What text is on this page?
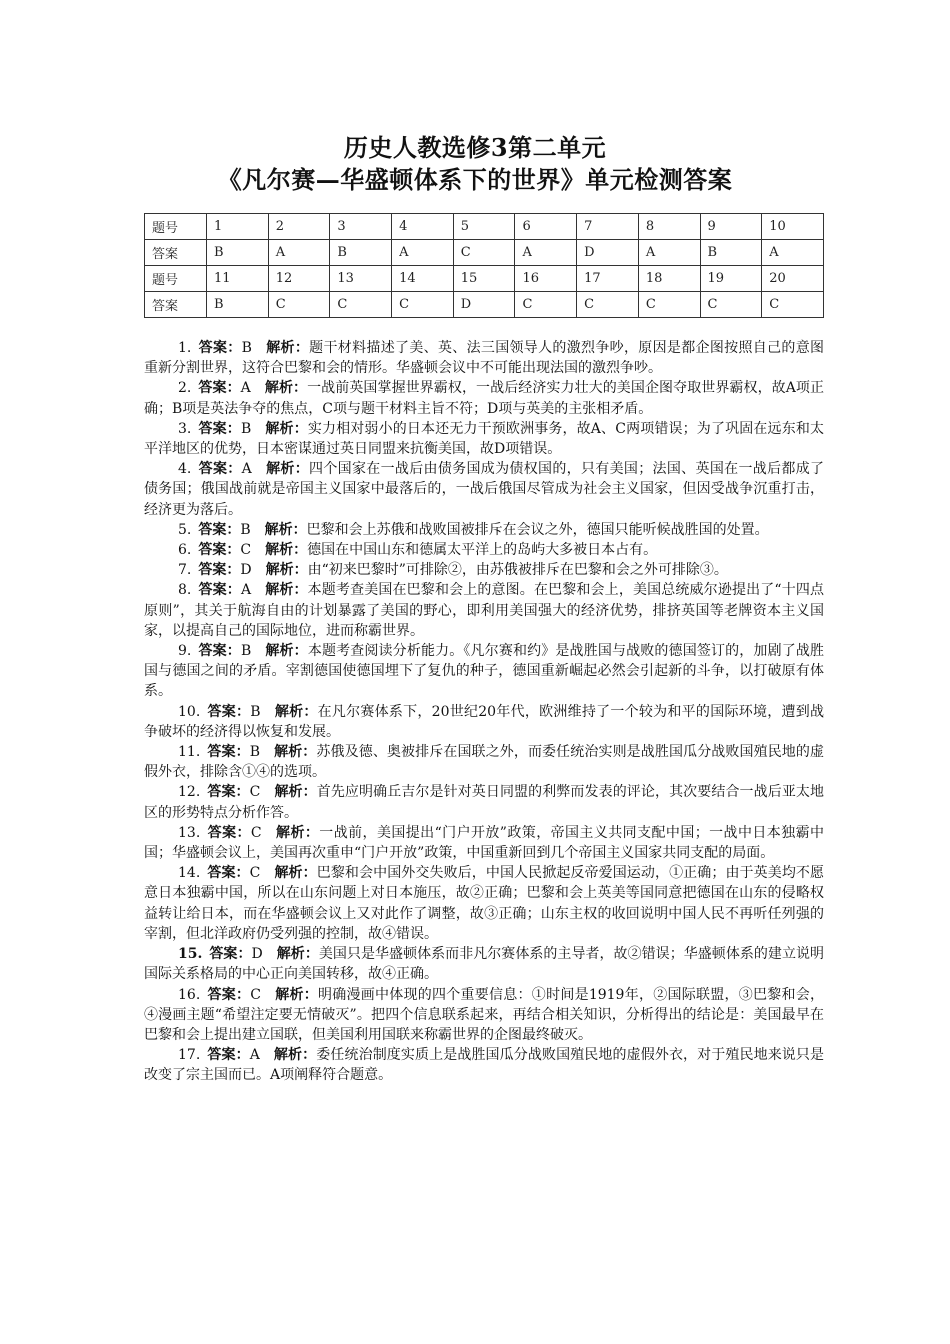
历史人教选修3第二单元
《凡尔赛—华盛顿体系下的世界》单元检测答案
题号	1	2	3	4	5	6	7	8	9	10
答案	B	A	B	A	C	A	D	A	B	A
题号	11	12	13	14	15	16	17	18	19	20
答案	B	C	C	C	D	C	C	C	C	C

1.  答案：B  解析：题干材料描述了美、英、法三国领导人的激烈争吵，原因是都企图按照自己的意图重新分割世界，这符合巴黎和会的情形。华盛顿会议中不可能出现法国的激烈争吵。

2.  答案：A  解析：一战前英国掌握世界霸权，一战后经济实力壮大的美国企图夺取世界霸权，故A项正确；B项是英法争夺的焦点，C项与题干材料主旨不符；D项与英美的主张相矛盾。

3.  答案：B  解析：实力相对弱小的日本还无力干预欧洲事务，故A、C两项错误；为了巩固在远东和太平洋地区的优势，日本密谋通过英日同盟来抗衡美国，故D项错误。

4.  答案：A  解析：四个国家在一战后由债务国成为债权国的，只有美国；法国、英国在一战后都成了债务国；俄国战前就是帝国主义国家中最落后的，一战后俄国尽管成为社会主义国家，但因受战争沉重打击，经济更为落后。

5.  答案：B  解析：巴黎和会上苏俄和战败国被排斥在会议之外，德国只能听候战胜国的处置。

6.  答案：C  解析：德国在中国山东和德属太平洋上的岛屿大多被日本占有。

7.  答案：D  解析：由“初来巴黎时”可排除②，由苏俄被排斥在巴黎和会之外可排除③。

8.  答案：A  解析：本题考查美国在巴黎和会上的意图。在巴黎和会上，美国总统威尔逊提出了“十四点原则”，其关于航海自由的计划暴露了美国的野心，即利用美国强大的经济优势，排挤英国等老牌资本主义国家，以提高自己的国际地位，进而称霸世界。

9.  答案：B  解析：本题考查阅读分析能力。《凡尔赛和约》是战胜国与战败的德国签订的，加剧了战胜国与德国之间的矛盾。宰割德国使德国埋下了复仇的种子，德国重新崛起必然会引起新的斗争，以打破原有体系。

10.  答案：B  解析：在凡尔赛体系下，20世纪20年代，欧洲维持了一个较为和平的国际环境，遭到战争破坏的经济得以恢复和发展。

11.  答案：B  解析：苏俄及德、奥被排斥在国联之外，而委任统治实则是战胜国瓜分战败国殖民地的虚假外衣，排除含①④的选项。

12.  答案：C  解析：首先应明确丘吉尔是针对英日同盟的利弊而发表的评论，其次要结合一战后亚太地区的形势特点分析作答。

13.  答案：C  解析：一战前，美国提出“门户开放”政策，帝国主义共同支配中国；一战中日本独霸中国；华盛顿会议上，美国再次重申“门户开放”政策，中国重新回到几个帝国主义国家共同支配的局面。

14.  答案：C  解析：巴黎和会中国外交失败后，中国人民掀起反帝爱国运动，①正确；由于英美均不愿意日本独霸中国，所以在山东问题上对日本施压，故②正确；巴黎和会上英美等国同意把德国在山东的侵略权益转让给日本，而在华盛顿会议上又对此作了调整，故③正确；山东主权的收回说明中国人民不再听任列强的宰割，但北洋政府仍受列强的控制，故④错误。

15.  答案：D  解析：美国只是华盛顿体系而非凡尔赛体系的主导者，故②错误；华盛顿体系的建立说明国际关系格局的中心正向美国转移，故④正确。

16.  答案：C  解析：明确漫画中体现的四个重要信息：①时间是1919年，②国际联盟，③巴黎和会，④漫画主题“希望注定要无情破灭”。把四个信息联系起来，再结合相关知识，分析得出的结论是：美国最早在巴黎和会上提出建立国联，但美国利用国联来称霸世界的企图最终破灭。

17.  答案：A  解析：委任统治制度实质上是战胜国瓜分战败国殖民地的虚假外衣，对于殖民地来说只是改变了宗主国而已。A项阐释符合题意。
